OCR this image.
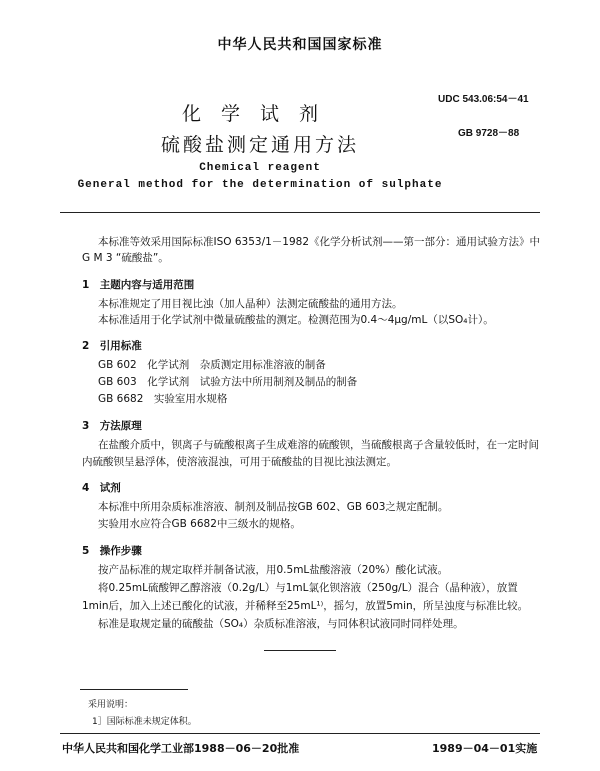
中华人民共和国国家标准
UDC 543.06:54－41
GB 9728－88
化学试剂
硫酸盐测定通用方法
Chemical reagent
General method for the determination of sulphate
本标准等效采用国际标准ISO 6353/1－1982《化学分析试剂——第一部分：通用试验方法》中
G M 3 “硫酸盐”。
1　主题内容与适用范围
本标准规定了用目视比浊（加人晶种）法测定硫酸盐的通用方法。
本标准适用于化学试剂中微量硫酸盐的测定。检测范围为0.4～4μg/mL（以SO₄计）。
2　引用标准
GB 602　化学试剂　杂质测定用标准溶液的制备
GB 603　化学试剂　试验方法中所用制剂及制品的制备
GB 6682　实验室用水规格
3　方法原理
在盐酸介质中，钡离子与硫酸根离子生成难溶的硫酸钡，当硫酸根离子含量较低时，在一定时间
内硫酸钡呈悬浮体，使溶液混浊，可用于硫酸盐的目视比浊法测定。
4　试剂
本标准中所用杂质标准溶液、制剂及制品按GB 602、GB 603之规定配制。
实验用水应符合GB 6682中三级水的规格。
5　操作步骤
按产品标准的规定取样并制备试液，用0.5mL盐酸溶液（20%）酸化试液。
将0.25mL硫酸钾乙醇溶液（0.2g/L）与1mL氯化钡溶液（250g/L）混合（晶种液），放置
1min后，加入上述已酸化的试液，并稀释至25mL¹⁾，摇匀，放置5min，所呈浊度与标准比较。
标准是取规定量的硫酸盐（SO₄）杂质标准溶液，与同体积试液同时同样处理。
采用说明：
1］国际标准未规定体积。
中华人民共和国化学工业部1988－06－20批准	1989－04－01实施
